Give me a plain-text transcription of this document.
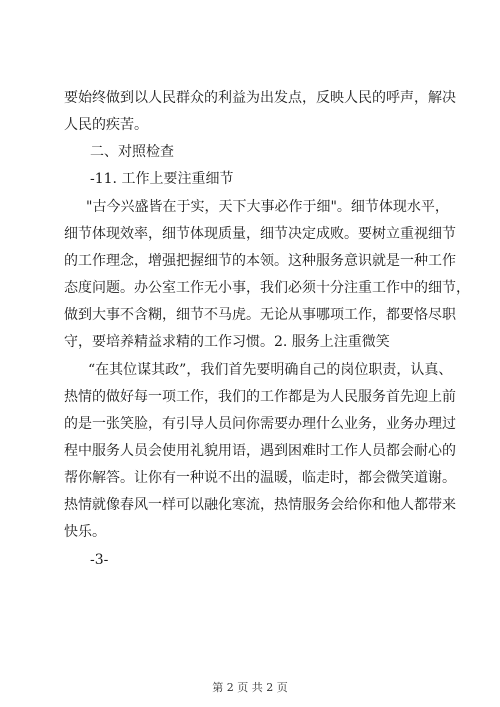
要始终做到以人民群众的利益为出发点，反映人民的呼声，解决
人民的疾苦。
二、对照检查
-11. 工作上要注重细节
"古今兴盛皆在于实，天下大事必作于细"。细节体现水平，
细节体现效率，细节体现质量，细节决定成败。要树立重视细节
的工作理念，增强把握细节的本领。这种服务意识就是一种工作
态度问题。办公室工作无小事，我们必须十分注重工作中的细节，
做到大事不含糊，细节不马虎。无论从事哪项工作，都要恪尽职
守，要培养精益求精的工作习惯。2. 服务上注重微笑
“在其位谋其政”，我们首先要明确自己的岗位职责，认真、
热情的做好每一项工作，我们的工作都是为人民服务首先迎上前
的是一张笑脸，有引导人员问你需要办理什么业务，业务办理过
程中服务人员会使用礼貌用语，遇到困难时工作人员都会耐心的
帮你解答。让你有一种说不出的温暖，临走时，都会微笑道谢。
热情就像春风一样可以融化寒流，热情服务会给你和他人都带来
快乐。
-3-
第 2 页 共 2 页
